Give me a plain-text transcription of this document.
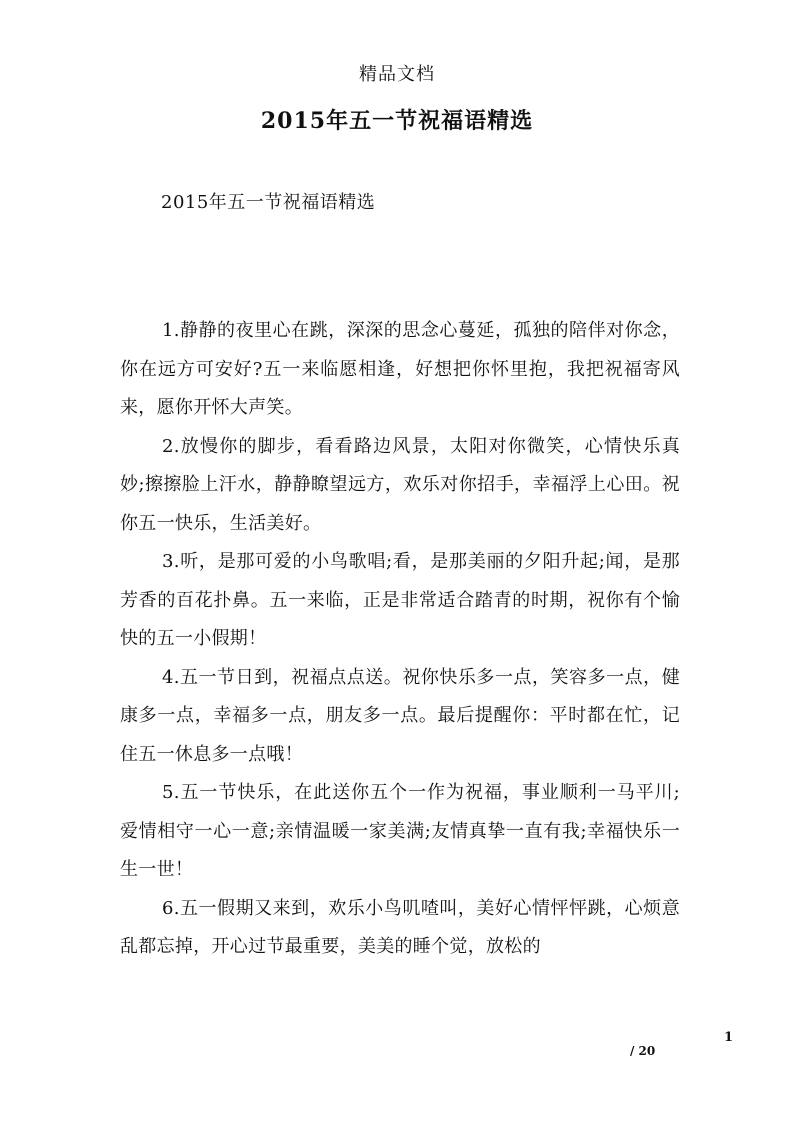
精品文档
2015年五一节祝福语精选
2015年五一节祝福语精选

1.静静的夜里心在跳，深深的思念心蔓延，孤独的陪伴对你念，你在远方可安好?五一来临愿相逢，好想把你怀里抱，我把祝福寄风来，愿你开怀大声笑。

2.放慢你的脚步，看看路边风景，太阳对你微笑，心情快乐真妙;擦擦脸上汗水，静静瞭望远方，欢乐对你招手，幸福浮上心田。祝你五一快乐，生活美好。

3.听，是那可爱的小鸟歌唱;看，是那美丽的夕阳升起;闻，是那芳香的百花扑鼻。五一来临，正是非常适合踏青的时期，祝你有个愉快的五一小假期！

4.五一节日到，祝福点点送。祝你快乐多一点，笑容多一点，健康多一点，幸福多一点，朋友多一点。最后提醒你：平时都在忙，记住五一休息多一点哦！

5.五一节快乐，在此送你五个一作为祝福，事业顺利一马平川;爱情相守一心一意;亲情温暖一家美满;友情真挚一直有我;幸福快乐一生一世！

6.五一假期又来到，欢乐小鸟叽喳叫，美好心情怦怦跳，心烦意乱都忘掉，开心过节最重要，美美的睡个觉，放松的

1
/ 20
